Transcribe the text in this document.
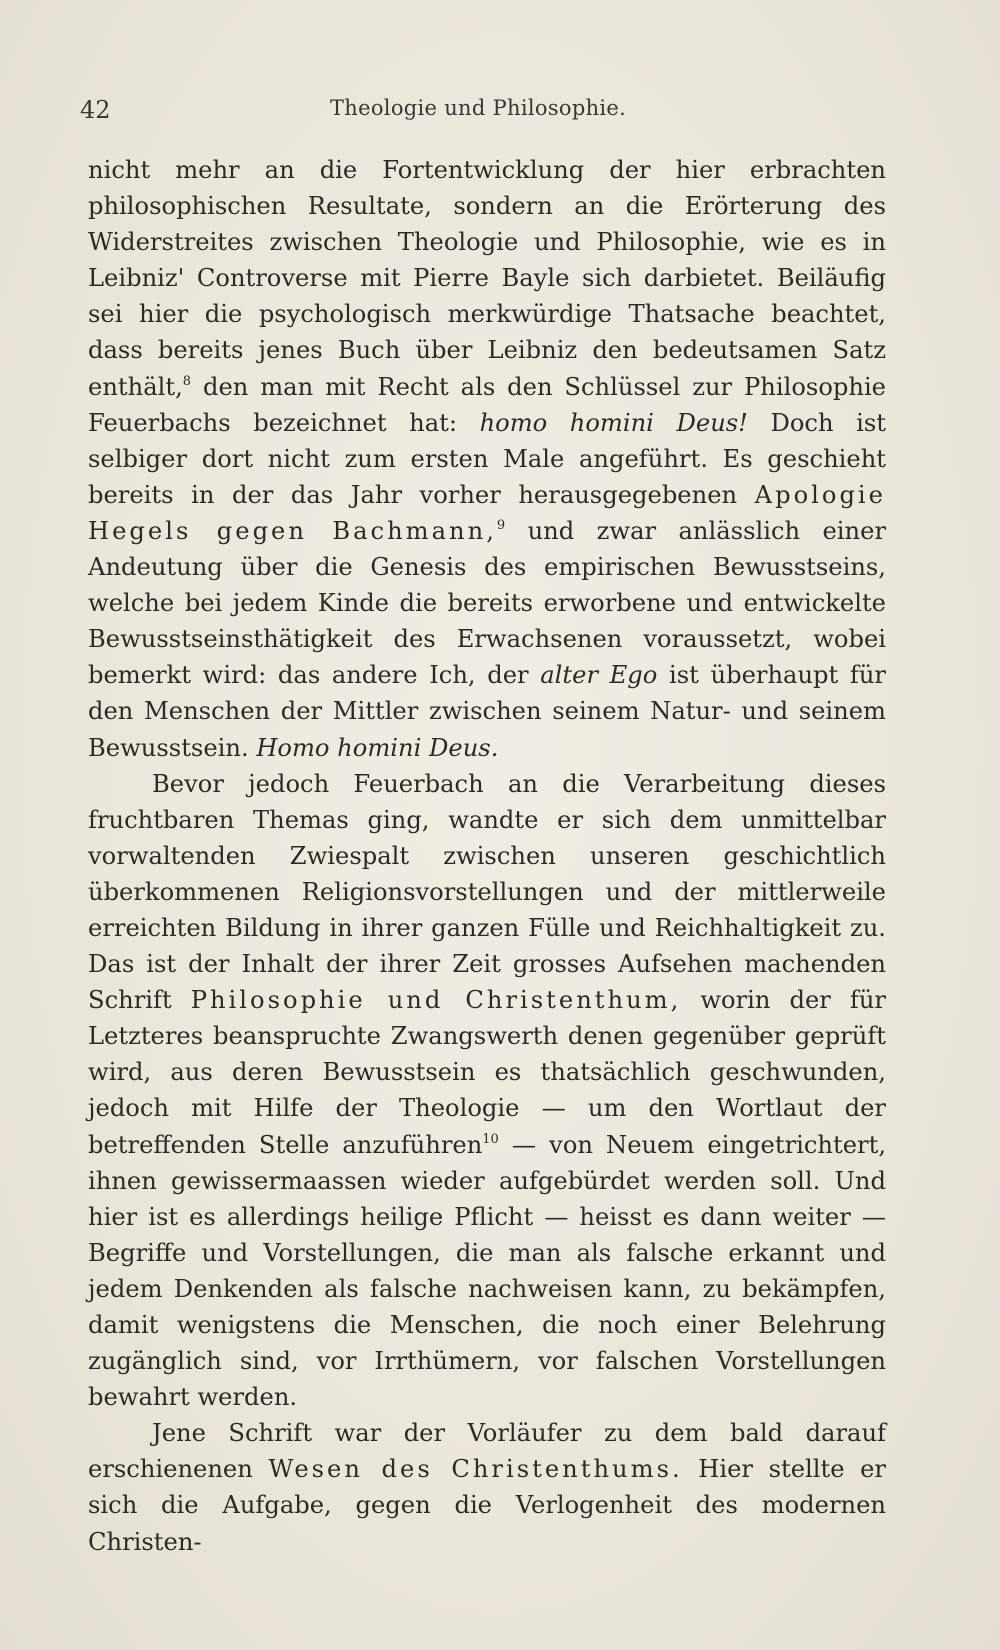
42	Theologie und Philosophie.

nicht mehr an die Fortentwicklung der hier erbrachten philosophischen Resultate, sondern an die Erörterung des Widerstreites zwischen Theologie und Philosophie, wie es in Leibniz' Controverse mit Pierre Bayle sich darbietet. Beiläufig sei hier die psychologisch merkwürdige Thatsache beachtet, dass bereits jenes Buch über Leibniz den bedeutsamen Satz enthält,$^8$ den man mit Recht als den Schlüssel zur Philosophie Feuerbachs bezeichnet hat: homo homini Deus! Doch ist selbiger dort nicht zum ersten Male angeführt. Es geschieht bereits in der das Jahr vorher herausgegebenen Apologie Hegels gegen Bachmann,$^9$ und zwar anlässlich einer Andeutung über die Genesis des empirischen Bewusstseins, welche bei jedem Kinde die bereits erworbene und entwickelte Bewusstseinsthätigkeit des Erwachsenen voraussetzt, wobei bemerkt wird: das andere Ich, der alter Ego ist überhaupt für den Menschen der Mittler zwischen seinem Natur- und seinem Bewusstsein. Homo homini Deus.

Bevor jedoch Feuerbach an die Verarbeitung dieses fruchtbaren Themas ging, wandte er sich dem unmittelbar vorwaltenden Zwiespalt zwischen unseren geschichtlich überkommenen Religionsvorstellungen und der mittlerweile erreichten Bildung in ihrer ganzen Fülle und Reichhaltigkeit zu. Das ist der Inhalt der ihrer Zeit grosses Aufsehen machenden Schrift Philosophie und Christenthum, worin der für Letzteres beanspruchte Zwangswerth denen gegenüber geprüft wird, aus deren Bewusstsein es thatsächlich geschwunden, jedoch mit Hilfe der Theologie — um den Wortlaut der betreffenden Stelle anzuführen$^{10}$ — von Neuem eingetrichtert, ihnen gewissermaassen wieder aufgebürdet werden soll. Und hier ist es allerdings heilige Pflicht — heisst es dann weiter — Begriffe und Vorstellungen, die man als falsche erkannt und jedem Denkenden als falsche nachweisen kann, zu bekämpfen, damit wenigstens die Menschen, die noch einer Belehrung zugänglich sind, vor Irrthümern, vor falschen Vorstellungen bewahrt werden.

Jene Schrift war der Vorläufer zu dem bald darauf erschienenen Wesen des Christenthums. Hier stellte er sich die Aufgabe, gegen die Verlogenheit des modernen Christen-
